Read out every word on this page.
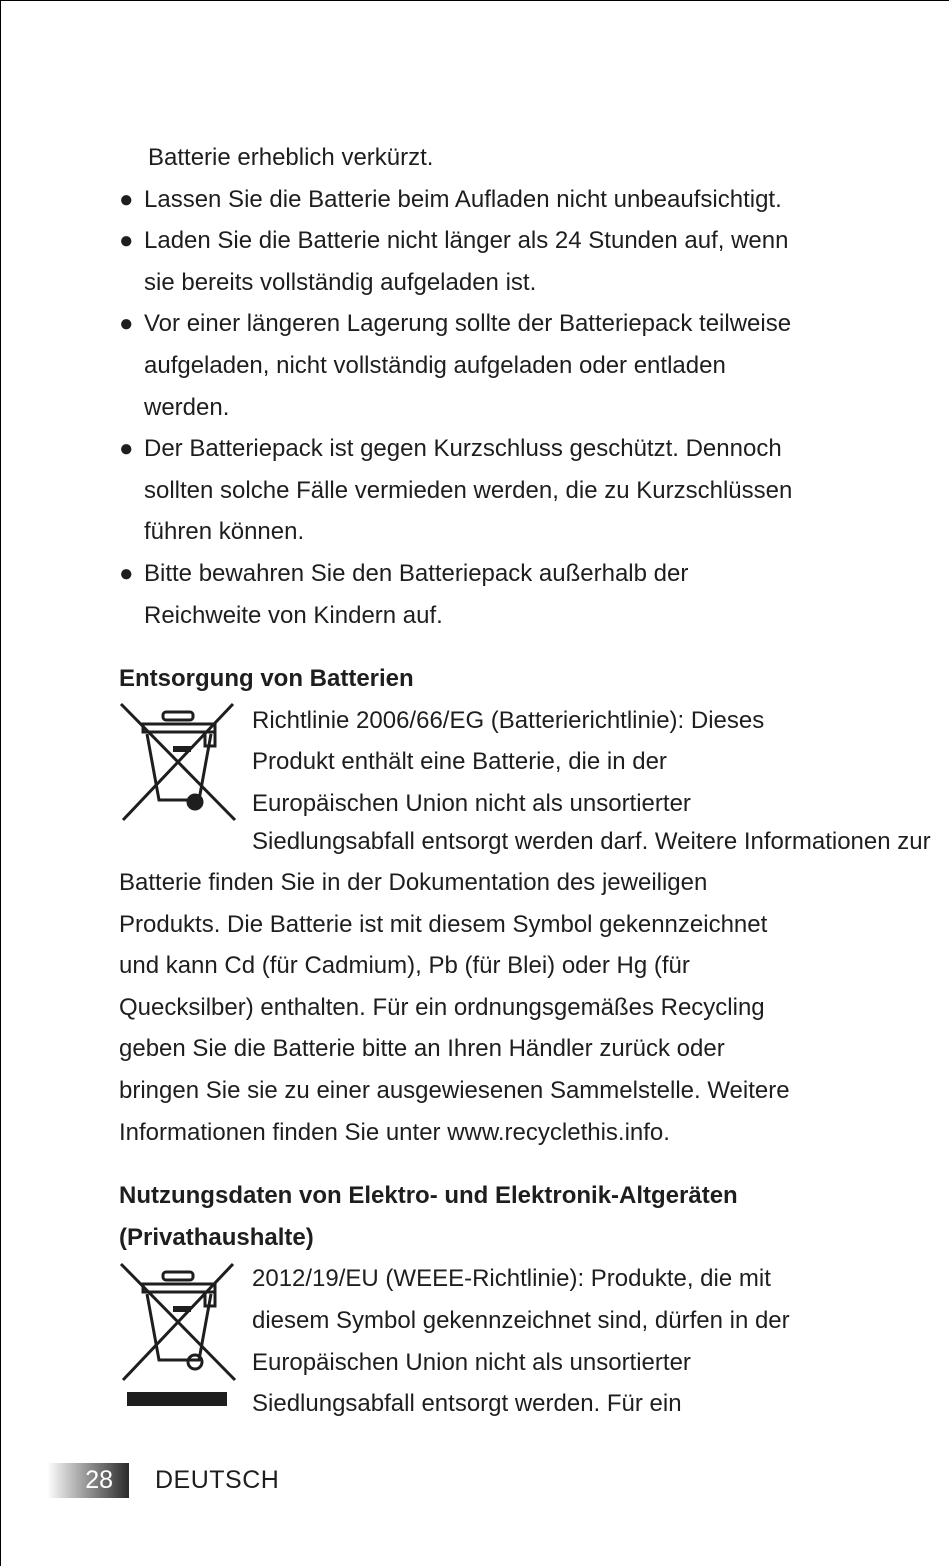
Batterie erheblich verkürzt.
● Lassen Sie die Batterie beim Aufladen nicht unbeaufsichtigt.
● Laden Sie die Batterie nicht länger als 24 Stunden auf, wenn
sie bereits vollständig aufgeladen ist.
● Vor einer längeren Lagerung sollte der Batteriepack teilweise
aufgeladen, nicht vollständig aufgeladen oder entladen
werden.
● Der Batteriepack ist gegen Kurzschluss geschützt. Dennoch
sollten solche Fälle vermieden werden, die zu Kurzschlüssen
führen können.
● Bitte bewahren Sie den Batteriepack außerhalb der
Reichweite von Kindern auf.
Entsorgung von Batterien
Richtlinie 2006/66/EG (Batterierichtlinie): Dieses
Produkt enthält eine Batterie, die in der
Europäischen Union nicht als unsortierter
Siedlungsabfall entsorgt werden darf. Weitere Informationen zur
Batterie finden Sie in der Dokumentation des jeweiligen
Produkts. Die Batterie ist mit diesem Symbol gekennzeichnet
und kann Cd (für Cadmium), Pb (für Blei) oder Hg (für
Quecksilber) enthalten. Für ein ordnungsgemäßes Recycling
geben Sie die Batterie bitte an Ihren Händler zurück oder
bringen Sie sie zu einer ausgewiesenen Sammelstelle. Weitere
Informationen finden Sie unter www.recyclethis.info.
Nutzungsdaten von Elektro- und Elektronik-Altgeräten
(Privathaushalte)
2012/19/EU (WEEE-Richtlinie): Produkte, die mit
diesem Symbol gekennzeichnet sind, dürfen in der
Europäischen Union nicht als unsortierter
Siedlungsabfall entsorgt werden. Für ein
28	DEUTSCH
